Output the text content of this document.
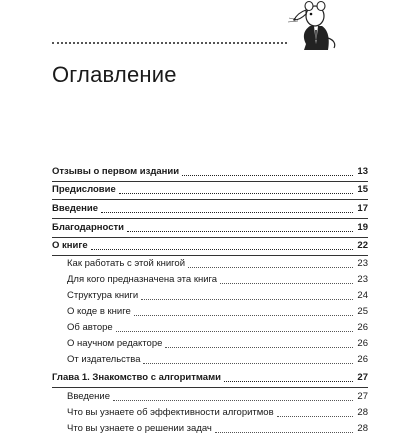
Оглавление
Отзывы о первом издании	13
Предисловие	15
Введение	17
Благодарности	19
О книге	22
Как работать с этой книгой	23
Для кого предназначена эта книга	23
Структура книги	24
О коде в книге	25
Об авторе	26
О научном редакторе	26
От издательства	26
Глава 1. Знакомство с алгоритмами	27
Введение	27
Что вы узнаете об эффективности алгоритмов	28
Что вы узнаете о решении задач	28
